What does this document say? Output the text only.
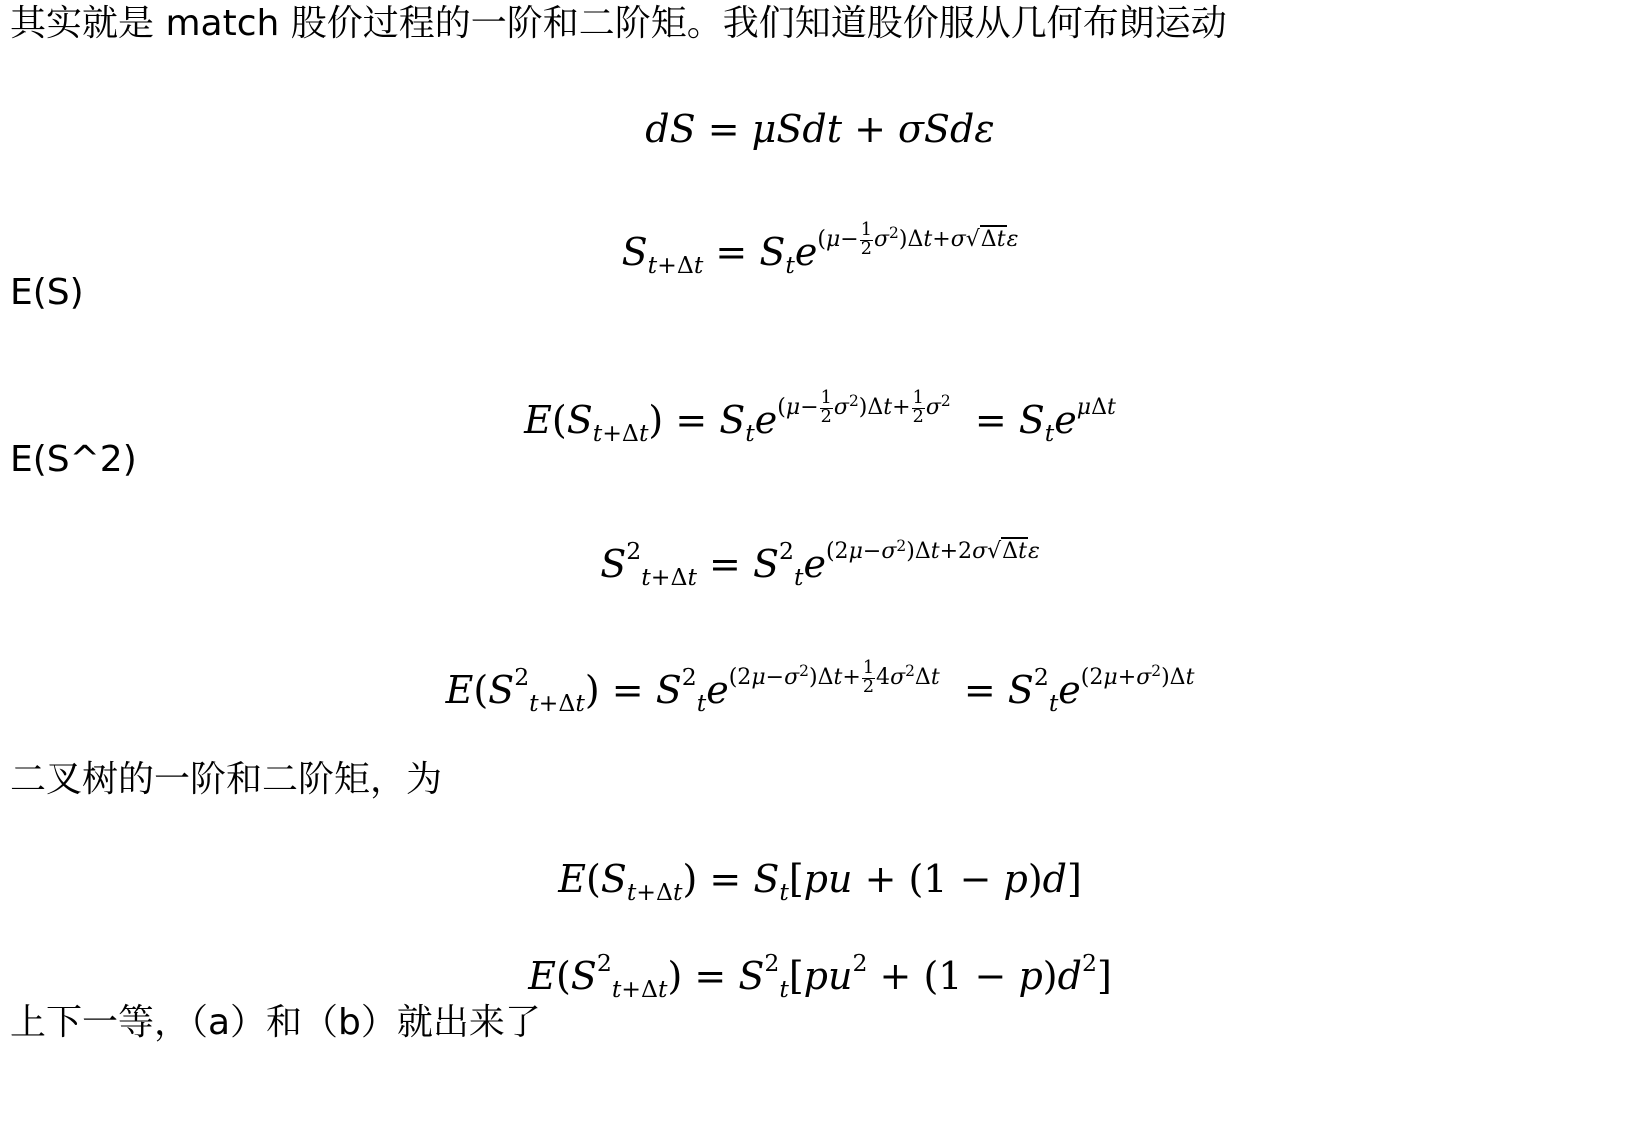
其实就是 match 股价过程的一阶和二阶矩。我们知道股价服从几何布朗运动
dS = μSdt + σSdε
$S_{t+\Delta t} = S_te^{(\mu- \frac{1}{2} \sigma^2)\Delta t+\sigma√\Delta t\varepsilon}$
E(S)
$E(S_{t+\Delta t}) = S_te^{(\mu- \frac{1}{2} \sigma^2)\Delta t+ \frac{1}{2} \sigma^2} = S_te^{\mu\Delta t}$
E(S^2)
$S^2_{t+\Delta t} = S^2_te^{(2\mu-\sigma^2)\Delta t+2\sigma√\Delta t\varepsilon}$
$E(S^2_{t+\Delta t}) = S^2_te^{(2\mu-\sigma^2)\Delta t+ \frac{1}{2} 4\sigma^2\Delta t} = S^2_te^{(2\mu+\sigma^2)\Delta t}$
二叉树的一阶和二阶矩，为
$E(S_{t+\Delta t}) = S_t[pu + (1 - p)d]$
$E(S^2_{t+\Delta t}) = S^2_t[pu^2 + (1 - p)d^2]$
上下一等，（a）和（b）就出来了
